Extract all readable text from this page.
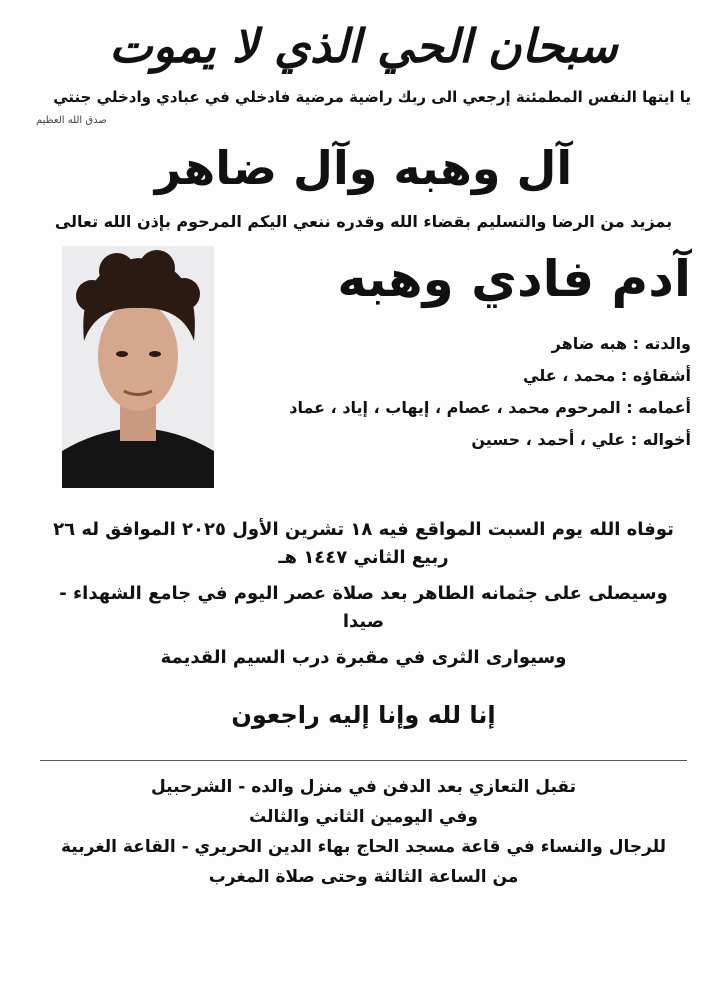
سبحان الحي الذي لا يموت
يا ايتها النفس المطمئنة إرجعي الى ربك راضية مرضية فادخلي في عبادي وادخلي جنتي
صدق الله العظيم
آل وهبه وآل ضاهر
بمزيد من الرضا والتسليم بقضاء الله وقدره ننعي اليكم المرحوم بإذن الله تعالى
آدم فادي وهبه
والدته : هبه ضاهر
أشقاؤه : محمد ، علي
أعمامه : المرحوم محمد ، عصام ، إيهاب ، إياد ، عماد
أخواله : علي ، أحمد ، حسين
توفاه الله يوم السبت المواقع فيه ١٨ تشرين الأول ٢٠٢٥ الموافق له ٢٦ ربيع الثاني ١٤٤٧ هـ
وسيصلى على جثمانه الطاهر بعد صلاة عصر اليوم في جامع الشهداء - صيدا
وسيوارى الثرى في مقبرة درب السيم القديمة
إنا لله وإنا إليه راجعون
تقبل التعازي بعد الدفن في منزل والده - الشرحبيل
وفي اليومين الثاني والثالث
للرجال والنساء في قاعة مسجد الحاج بهاء الدين الحريري - القاعة الغربية
من الساعة الثالثة وحتى صلاة المغرب
